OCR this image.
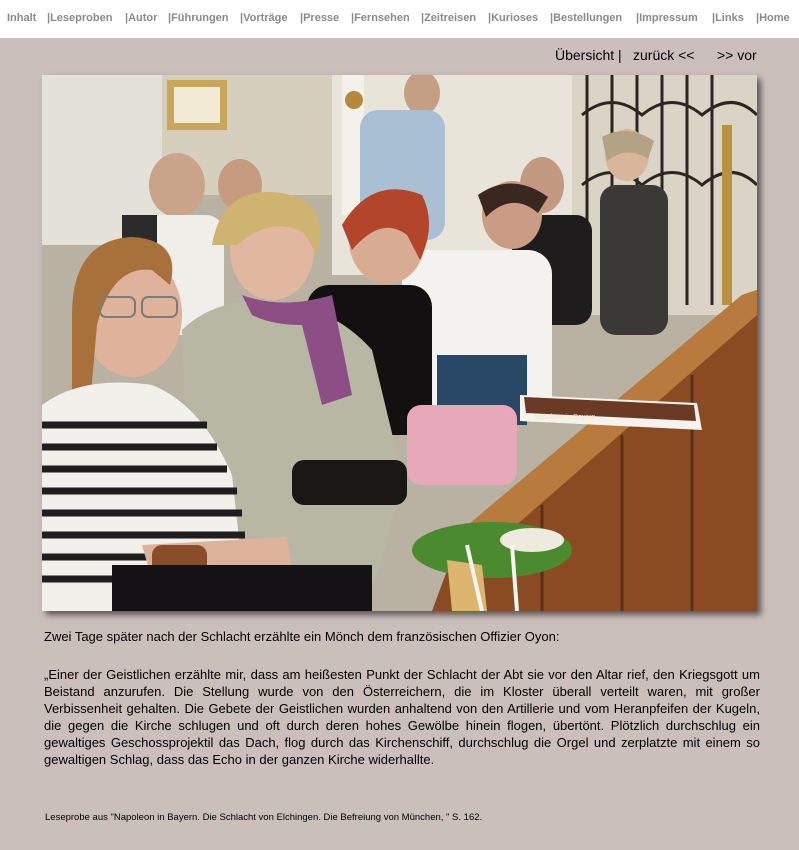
Inhalt |Leseproben |Autor |Führungen |Vorträge |Presse |Fernsehen |Zeitreisen |Kurioses |Bestellungen |Impressum |Links |Home
Übersicht | zurück << >> vor
Napoleon in Bayern

Zwei Tage später nach der Schlacht erzählte ein Mönch dem französischen Offizier Oyon:

„Einer der Geistlichen erzählte mir, dass am heißesten Punkt der Schlacht der Abt sie vor den Altar rief, den Kriegsgott um Beistand anzurufen. Die Stellung wurde von den Österreichern, die im Kloster überall verteilt waren, mit großer Verbissenheit gehalten. Die Gebete der Geistlichen wurden anhaltend von den Artillerie und vom Heranpfeifen der Kugeln, die gegen die Kirche schlugen und oft durch deren hohes Gewölbe hinein flogen, übertönt. Plötzlich durchschlug ein gewaltiges Geschossprojektil das Dach, flog durch das Kirchenschiff, durchschlug die Orgel und zerplatzte mit einem so gewaltigen Schlag, dass das Echo in der ganzen Kirche widerhallte.

Leseprobe aus "Napoleon in Bayern. Die Schlacht von Elchingen. Die Befreiung von München, " S. 162.
